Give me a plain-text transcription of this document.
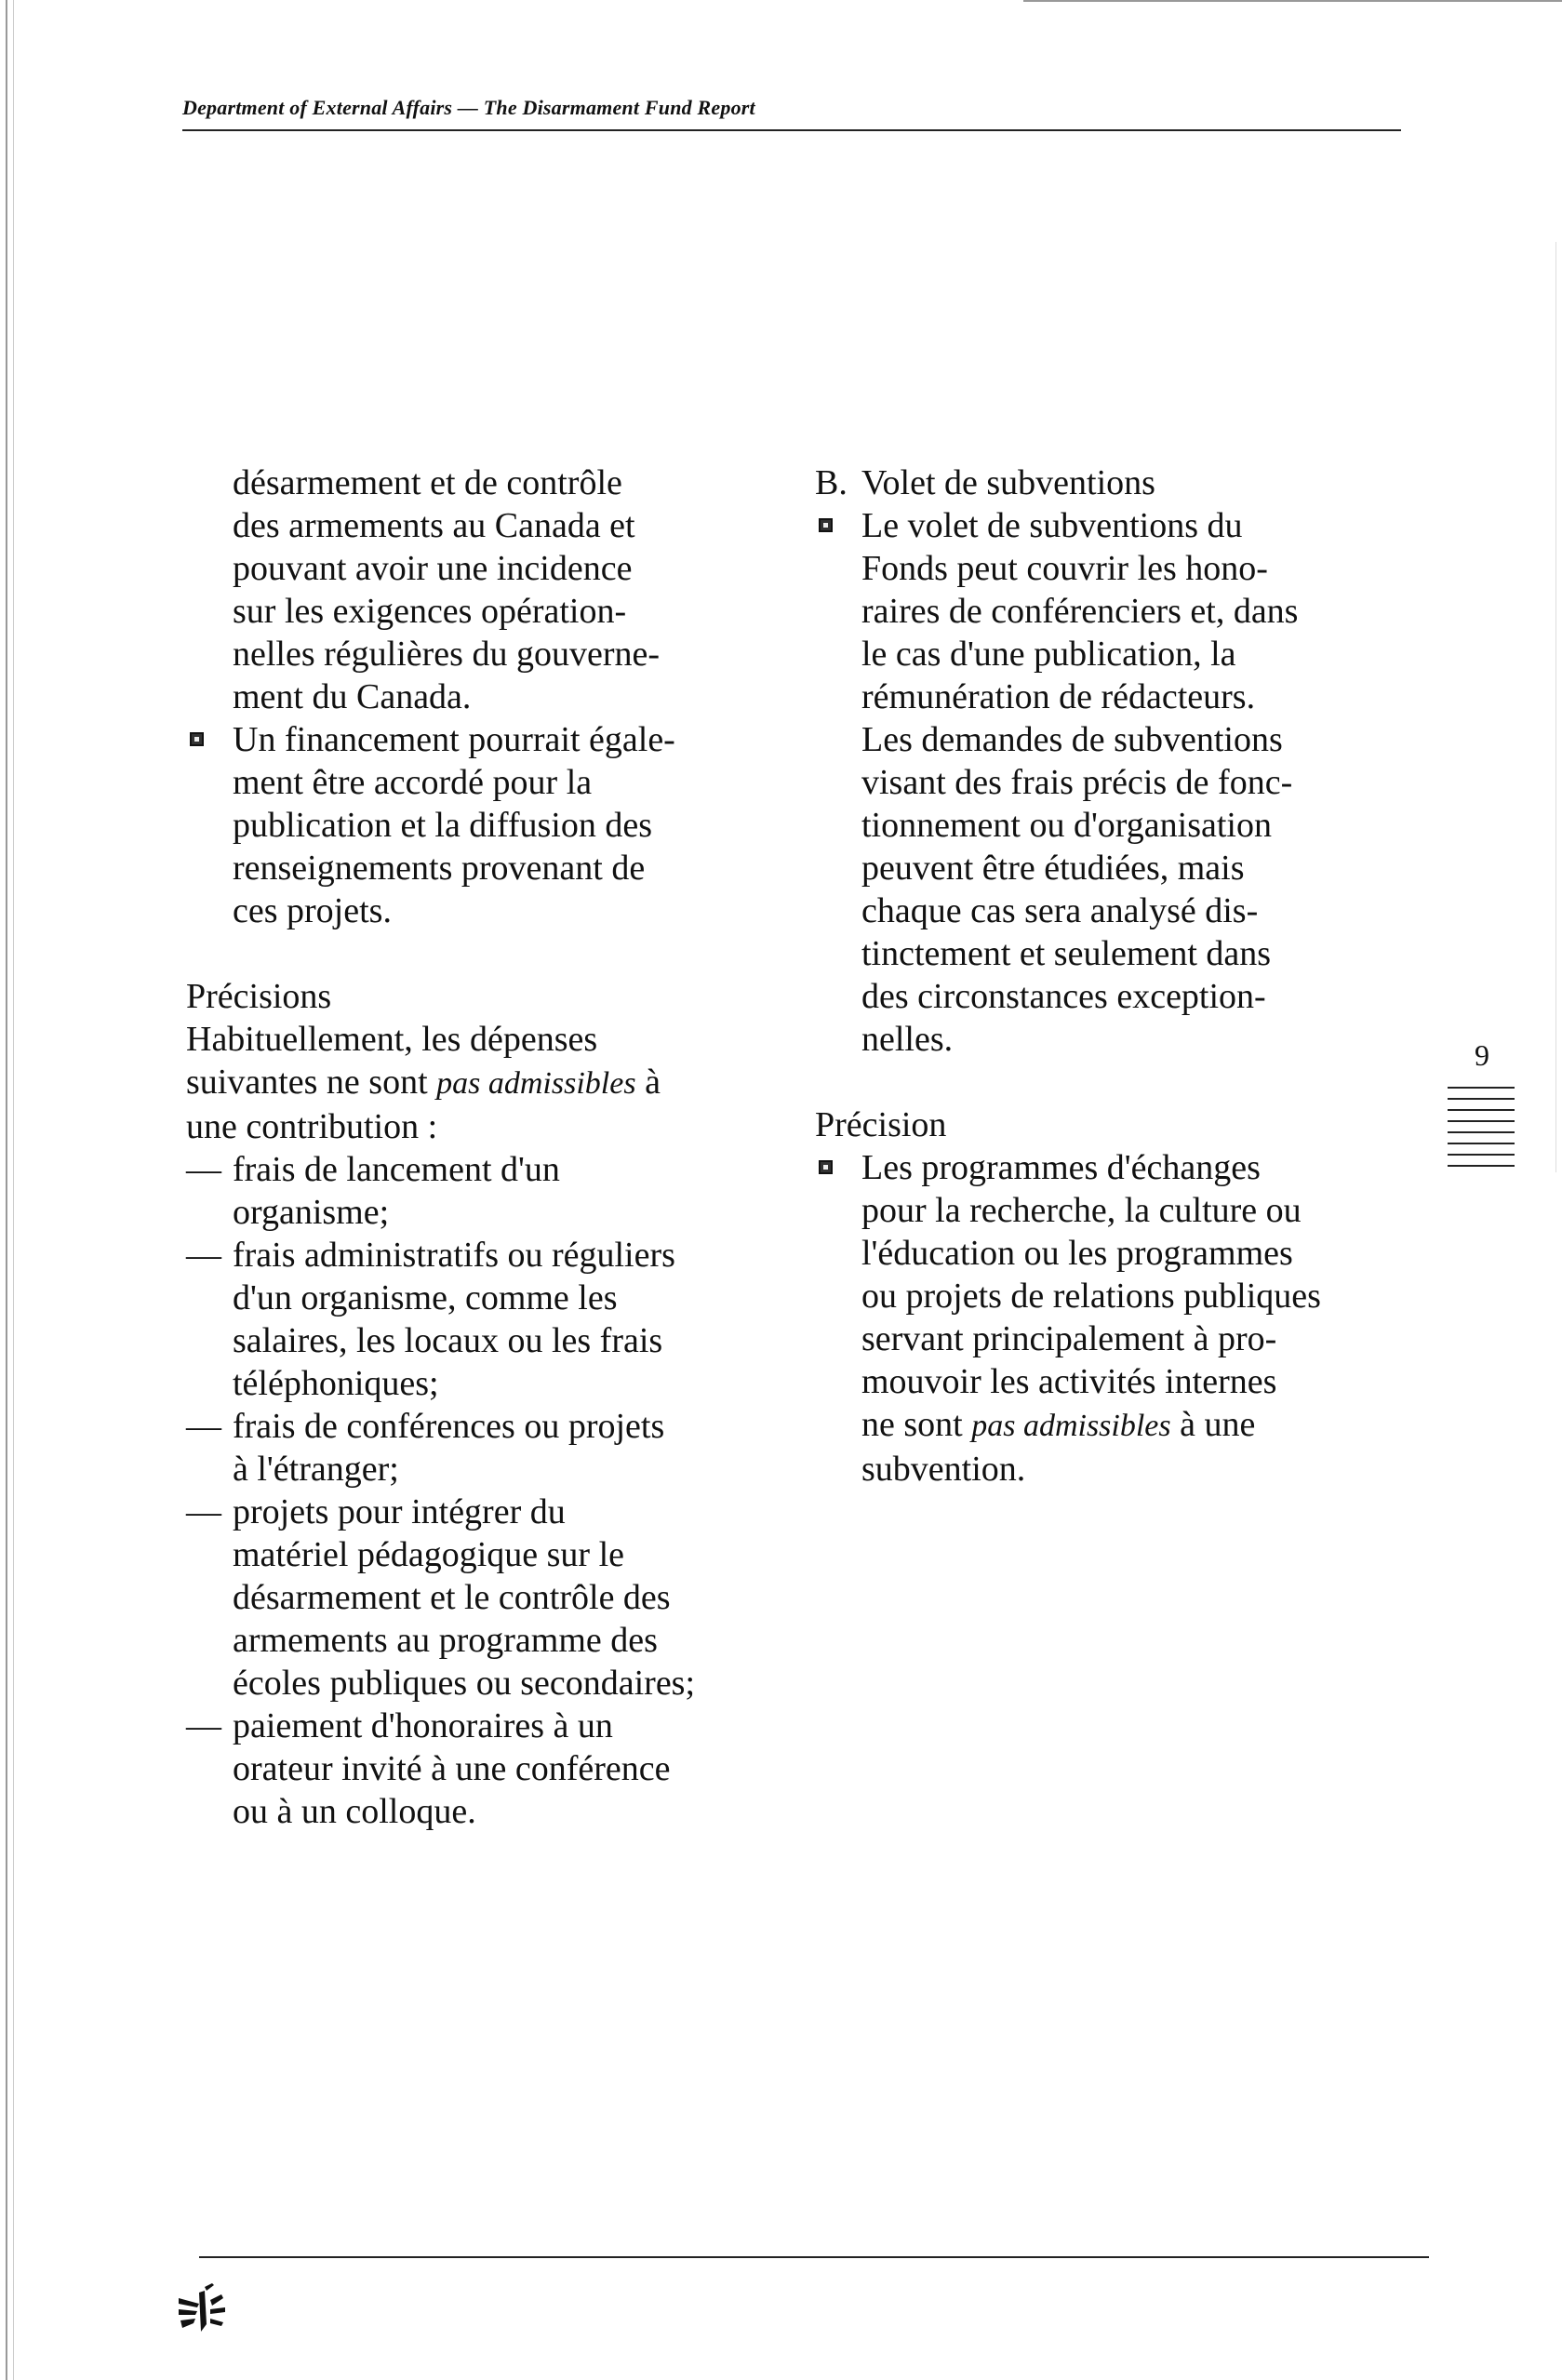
Department of External Affairs — The Disarmament Fund Report
désarmement et de contrôle
des armements au Canada et
pouvant avoir une incidence
sur les exigences opération-
nelles régulières du gouverne-
ment du Canada.
Un financement pourrait égale-
ment être accordé pour la
publication et la diffusion des
renseignements provenant de
ces projets.
Précisions
Habituellement, les dépenses
suivantes ne sont pas admissibles à
une contribution :
— frais de lancement d'un
organisme;
— frais administratifs ou réguliers
d'un organisme, comme les
salaires, les locaux ou les frais
téléphoniques;
— frais de conférences ou projets
à l'étranger;
— projets pour intégrer du
matériel pédagogique sur le
désarmement et le contrôle des
armements au programme des
écoles publiques ou secondaires;
— paiement d'honoraires à un
orateur invité à une conférence
ou à un colloque.
B. Volet de subventions
Le volet de subventions du
Fonds peut couvrir les hono-
raires de conférenciers et, dans
le cas d'une publication, la
rémunération de rédacteurs.
Les demandes de subventions
visant des frais précis de fonc-
tionnement ou d'organisation
peuvent être étudiées, mais
chaque cas sera analysé dis-
tinctement et seulement dans
des circonstances exception-
nelles.
Précision
Les programmes d'échanges
pour la recherche, la culture ou
l'éducation ou les programmes
ou projets de relations publiques
servant principalement à pro-
mouvoir les activités internes
ne sont pas admissibles à une
subvention.
9
